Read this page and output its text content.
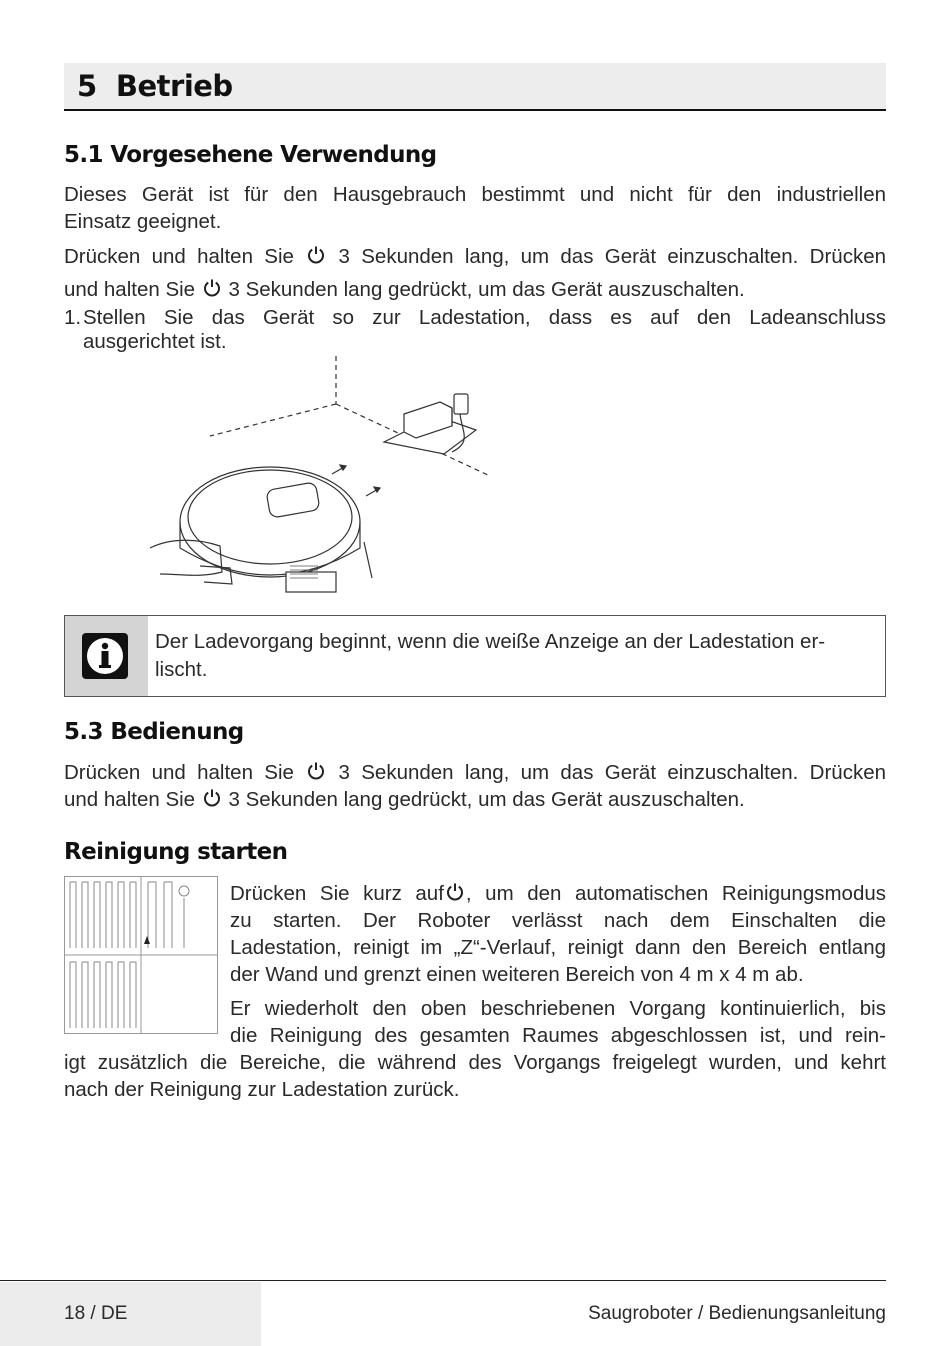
5 Betrieb
5.1 Vorgesehene Verwendung

Dieses Gerät ist für den Hausgebrauch bestimmt und nicht für den industriellen

Einsatz geeignet.

Drücken und halten Sie 3 Sekunden lang, um das Gerät einzuschalten. Drücken

und halten Sie 3 Sekunden lang gedrückt, um das Gerät auszuschalten.

1. Stellen Sie das Gerät so zur Ladestation, dass es auf den Ladeanschluss

ausgerichtet ist.

Der Ladevorgang beginnt, wenn die weiße Anzeige an der Ladestation er-
lischt.
5.3 Bedienung

Drücken und halten Sie 3 Sekunden lang, um das Gerät einzuschalten. Drücken

und halten Sie 3 Sekunden lang gedrückt, um das Gerät auszuschalten.

Reinigung starten

Drücken Sie kurz auf , um den automatischen Reinigungsmodus

zu starten. Der Roboter verlässt nach dem Einschalten die

Ladestation, reinigt im „Z“-Verlauf, reinigt dann den Bereich entlang

der Wand und grenzt einen weiteren Bereich von 4 m x 4 m ab.

Er wiederholt den oben beschriebenen Vorgang kontinuierlich, bis

die Reinigung des gesamten Raumes abgeschlossen ist, und rein-

igt zusätzlich die Bereiche, die während des Vorgangs freigelegt wurden, und kehrt

nach der Reinigung zur Ladestation zurück.

18 / DE	Saugroboter / Bedienungsanleitung
